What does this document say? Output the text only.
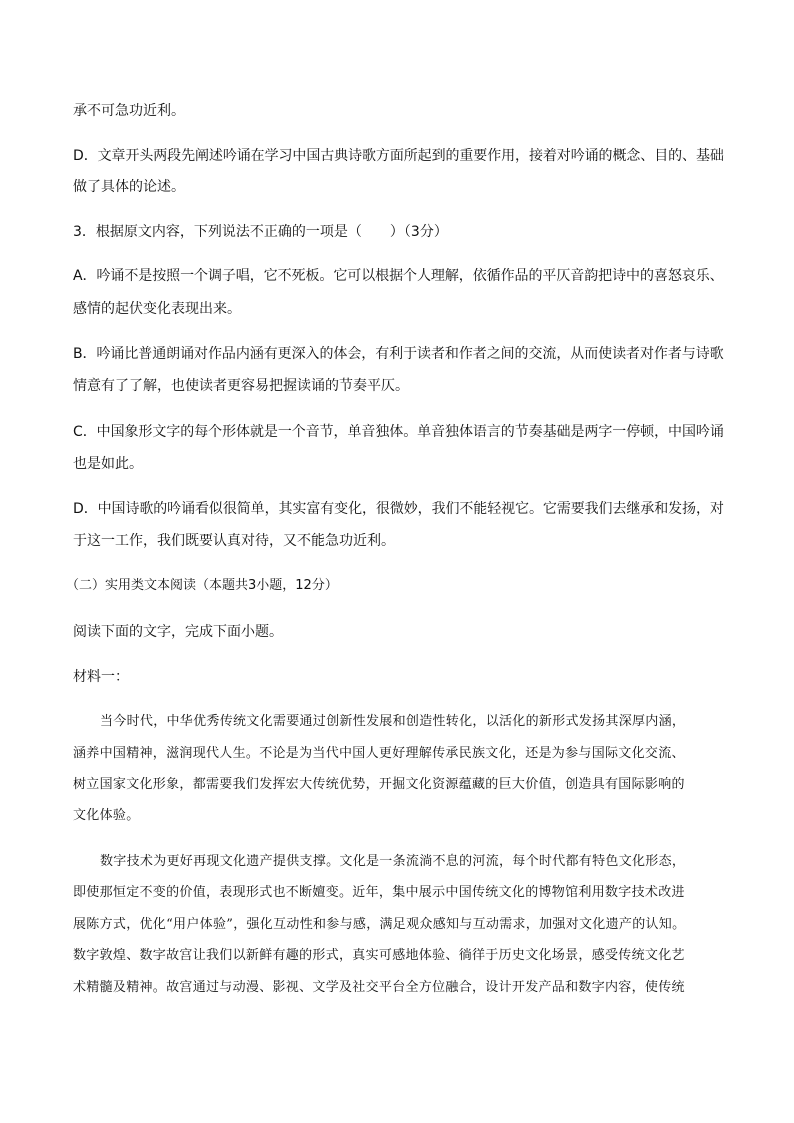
承不可急功近利。
D．文章开头两段先阐述吟诵在学习中国古典诗歌方面所起到的重要作用，接着对吟诵的概念、目的、基础
做了具体的论述。
3．根据原文内容，下列说法不正确的一项是（　　）（3分）
A．吟诵不是按照一个调子唱，它不死板。它可以根据个人理解，依循作品的平仄音韵把诗中的喜怒哀乐、
感情的起伏变化表现出来。
B．吟诵比普通朗诵对作品内涵有更深入的体会，有利于读者和作者之间的交流，从而使读者对作者与诗歌
情意有了了解，也使读者更容易把握读诵的节奏平仄。
C．中国象形文字的每个形体就是一个音节，单音独体。单音独体语言的节奏基础是两字一停顿，中国吟诵
也是如此。
D．中国诗歌的吟诵看似很简单，其实富有变化，很微妙，我们不能轻视它。它需要我们去继承和发扬，对
于这一工作，我们既要认真对待，又不能急功近利。
（二）实用类文本阅读（本题共3小题，12分）
阅读下面的文字，完成下面小题。
材料一：
当今时代，中华优秀传统文化需要通过创新性发展和创造性转化，以活化的新形式发扬其深厚内涵，
涵养中国精神，滋润现代人生。不论是为当代中国人更好理解传承民族文化，还是为参与国际文化交流、
树立国家文化形象，都需要我们发挥宏大传统优势，开掘文化资源蕴藏的巨大价值，创造具有国际影响的
文化体验。
数字技术为更好再现文化遗产提供支撑。文化是一条流淌不息的河流，每个时代都有特色文化形态，
即使那恒定不变的价值，表现形式也不断嬗变。近年，集中展示中国传统文化的博物馆利用数字技术改进
展陈方式，优化“用户体验”，强化互动性和参与感，满足观众感知与互动需求，加强对文化遗产的认知。
数字敦煌、数字故宫让我们以新鲜有趣的形式，真实可感地体验、徜徉于历史文化场景，感受传统文化艺
术精髓及精神。故宫通过与动漫、影视、文学及社交平台全方位融合，设计开发产品和数字内容，使传统
